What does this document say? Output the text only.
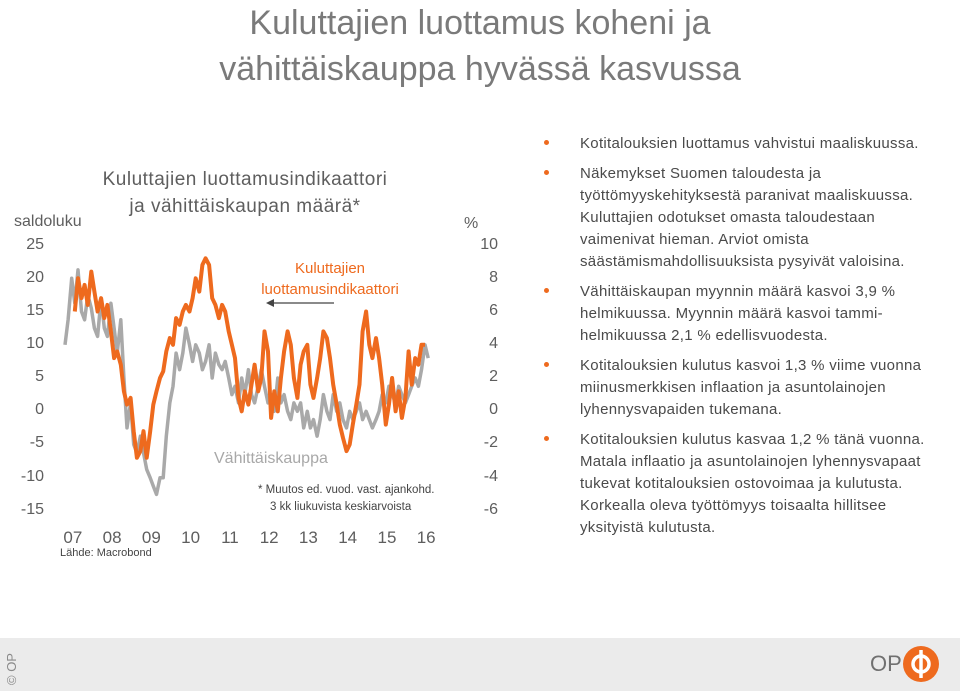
Kuluttajien luottamus koheni ja vähittäiskauppa hyvässä kasvussa
Kuluttajien luottamusindikaattori
ja vähittäiskaupan määrä*
saldoluku	%
25
20
15
10
5
0
-5
-10
-15
10
8
6
4
2
0
-2
-4
-6
07	08	09	10	11	12	13	14	15	16
Kuluttajien
luottamusindikaattori
Vähittäiskauppa
* Muutos ed. vuod. vast. ajankohd.
3 kk liukuvista keskiarvoista
Lähde: Macrobond
Kotitalouksien luottamus vahvistui maaliskuussa.
Näkemykset Suomen taloudesta ja työttömyyskehityksestä paranivat maaliskuussa. Kuluttajien odotukset omasta taloudestaan vaimenivat hieman. Arviot omista säästämismahdollisuuksista pysyivät valoisina.
Vähittäiskaupan myynnin määrä kasvoi 3,9 % helmikuussa. Myynnin määrä kasvoi tammi-helmikuussa 2,1 % edellisvuodesta.
Kotitalouksien kulutus kasvoi 1,3 % viime vuonna miinusmerkkisen inflaation ja asuntolainojen lyhennysvapaiden tukemana.
Kotitalouksien kulutus kasvaa 1,2 % tänä vuonna. Matala inflaatio ja asuntolainojen lyhennysvapaat tukevat kotitalouksien ostovoimaa ja kulutusta. Korkealla oleva työttömyys toisaalta hillitsee yksityistä kulutusta.
© OP	OP
